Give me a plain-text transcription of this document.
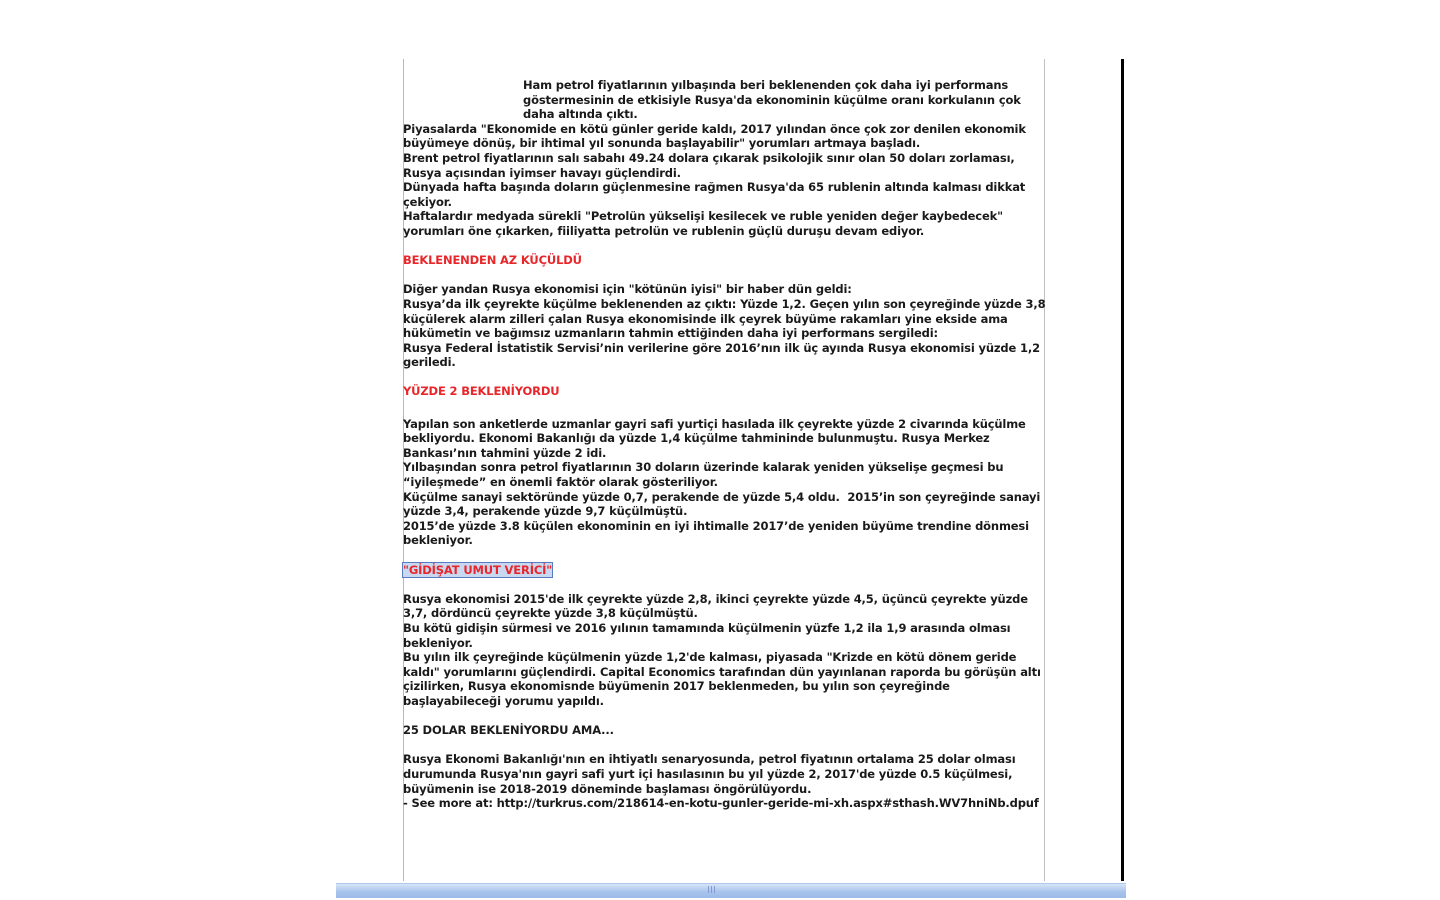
Ham petrol fiyatlarının yılbaşında beri beklenenden çok daha iyi performans göstermesinin de etkisiyle Rusya'da ekonominin küçülme oranı korkulanın çok daha altında çıktı.

Piyasalarda "Ekonomide en kötü günler geride kaldı, 2017 yılından önce çok zor denilen ekonomik büyümeye dönüş, bir ihtimal yıl sonunda başlayabilir" yorumları artmaya başladı.

Brent petrol fiyatlarının salı sabahı 49.24 dolara çıkarak psikolojik sınır olan 50 doları zorlaması, Rusya açısından iyimser havayı güçlendirdi.

Dünyada hafta başında doların güçlenmesine rağmen Rusya'da 65 rublenin altında kalması dikkat çekiyor.

Haftalardır medyada sürekli "Petrolün yükselişi kesilecek ve ruble yeniden değer kaybedecek" yorumları öne çıkarken, fiiliyatta petrolün ve rublenin güçlü duruşu devam ediyor.

BEKLENENDEN AZ KÜÇÜLDÜ

Diğer yandan Rusya ekonomisi için "kötünün iyisi" bir haber dün geldi:

Rusya’da ilk çeyrekte küçülme beklenenden az çıktı: Yüzde 1,2. Geçen yılın son çeyreğinde yüzde 3,8 küçülerek alarm zilleri çalan Rusya ekonomisinde ilk çeyrek büyüme rakamları yine ekside ama hükümetin ve bağımsız uzmanların tahmin ettiğinden daha iyi performans sergiledi:

Rusya Federal İstatistik Servisi’nin verilerine göre 2016’nın ilk üç ayında Rusya ekonomisi yüzde 1,2 geriledi.

YÜZDE 2 BEKLENİYORDU

Yapılan son anketlerde uzmanlar gayri safi yurtiçi hasılada ilk çeyrekte yüzde 2 civarında küçülme bekliyordu. Ekonomi Bakanlığı da yüzde 1,4 küçülme tahmininde bulunmuştu. Rusya Merkez Bankası’nın tahmini yüzde 2 idi.

Yılbaşından sonra petrol fiyatlarının 30 doların üzerinde kalarak yeniden yükselişe geçmesi bu “iyileşmede” en önemli faktör olarak gösteriliyor.

Küçülme sanayi sektöründe yüzde 0,7, perakende de yüzde 5,4 oldu.  2015’in son çeyreğinde sanayi yüzde 3,4, perakende yüzde 9,7 küçülmüştü.

2015’de yüzde 3.8 küçülen ekonominin en iyi ihtimalle 2017’de yeniden büyüme trendine dönmesi bekleniyor.

"GİDİŞAT UMUT VERİCİ"

Rusya ekonomisi 2015'de ilk çeyrekte yüzde 2,8, ikinci çeyrekte yüzde 4,5, üçüncü çeyrekte yüzde 3,7, dördüncü çeyrekte yüzde 3,8 küçülmüştü.

Bu kötü gidişin sürmesi ve 2016 yılının tamamında küçülmenin yüzfe 1,2 ila 1,9 arasında olması bekleniyor.

Bu yılın ilk çeyreğinde küçülmenin yüzde 1,2'de kalması, piyasada "Krizde en kötü dönem geride kaldı" yorumlarını güçlendirdi. Capital Economics tarafından dün yayınlanan raporda bu görüşün altı çizilirken, Rusya ekonomisnde büyümenin 2017 beklenmeden, bu yılın son çeyreğinde başlayabileceği yorumu yapıldı.

25 DOLAR BEKLENİYORDU AMA...

Rusya Ekonomi Bakanlığı'nın en ihtiyatlı senaryosunda, petrol fiyatının ortalama 25 dolar olması durumunda Rusya'nın gayri safi yurt içi hasılasının bu yıl yüzde 2, 2017'de yüzde 0.5 küçülmesi, büyümenin ise 2018-2019 döneminde başlaması öngörülüyordu.

- See more at: http://turkrus.com/218614-en-kotu-gunler-geride-mi-xh.aspx#sthash.WV7hniNb.dpuf
